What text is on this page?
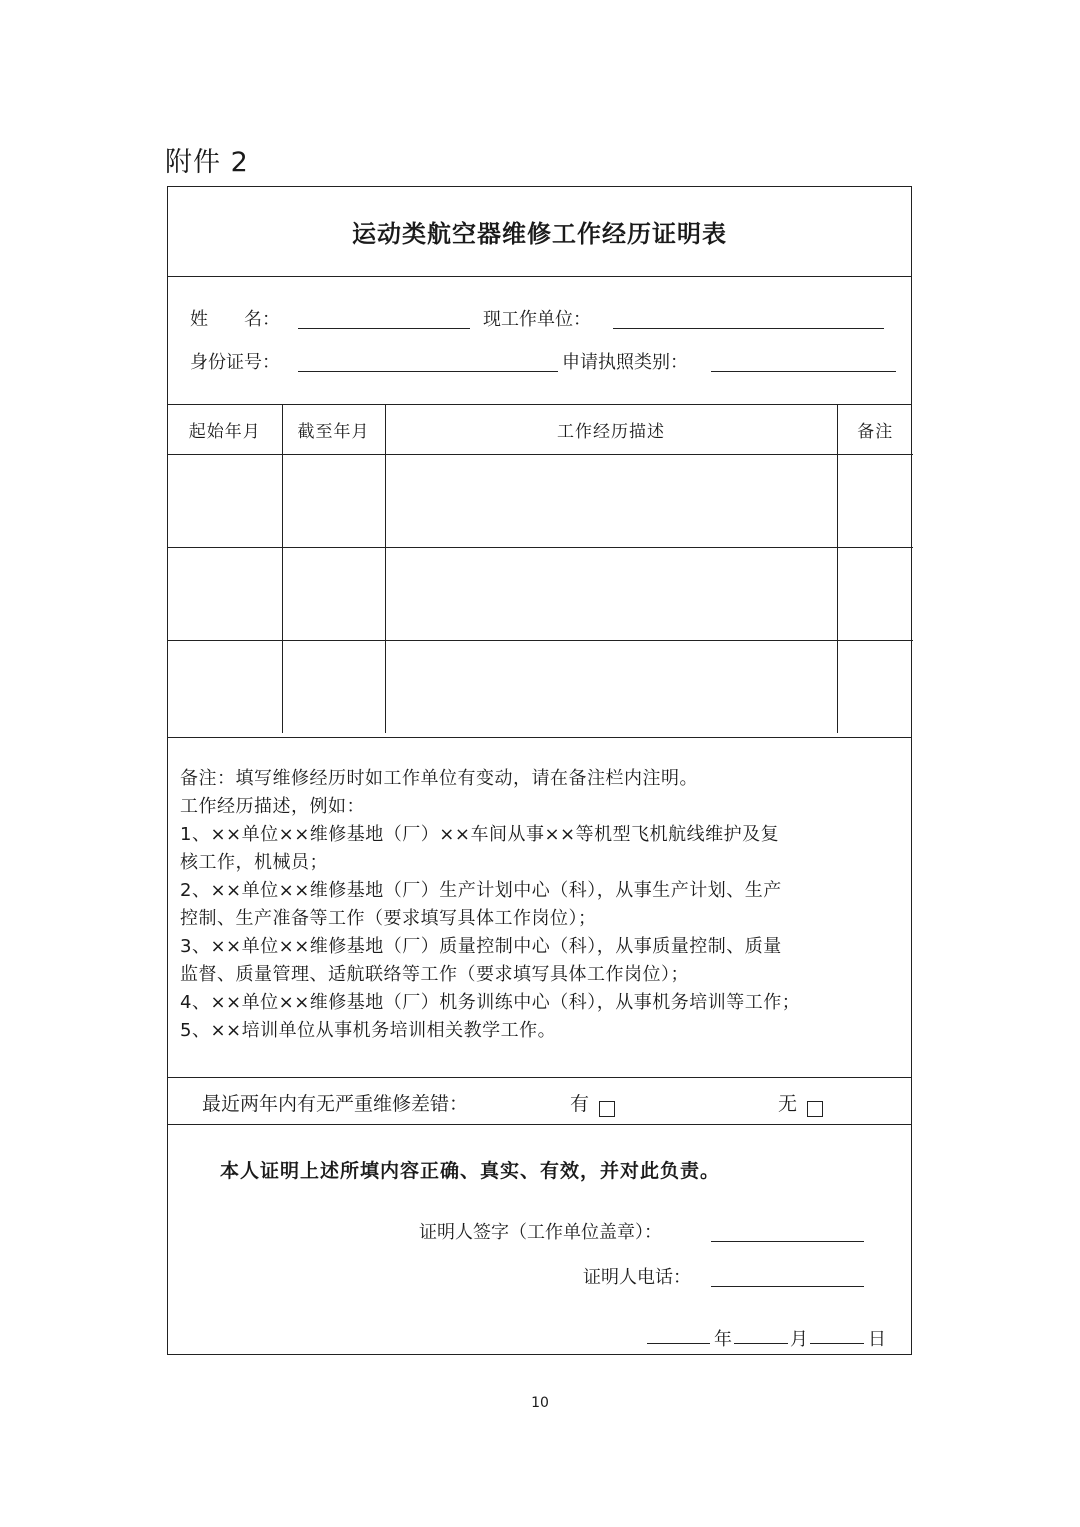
附件 2
运动类航空器维修工作经历证明表
姓　　名：	现工作单位：
身份证号：	申请执照类别：
起始年月	截至年月	工作经历描述	备注

备注：填写维修经历时如工作单位有变动，请在备注栏内注明。
工作经历描述，例如：
1、××单位××维修基地（厂）××车间从事××等机型飞机航线维护及复
核工作，机械员；
2、××单位××维修基地（厂）生产计划中心（科），从事生产计划、生产
控制、生产准备等工作（要求填写具体工作岗位）；
3、××单位××维修基地（厂）质量控制中心（科），从事质量控制、质量
监督、质量管理、适航联络等工作（要求填写具体工作岗位）；
4、××单位××维修基地（厂）机务训练中心（科），从事机务培训等工作；
5、××培训单位从事机务培训相关教学工作。
最近两年内有无严重维修差错：	有	无
本人证明上述所填内容正确、真实、有效，并对此负责。
证明人签字（工作单位盖章）：
证明人电话：
年	月	日
10
